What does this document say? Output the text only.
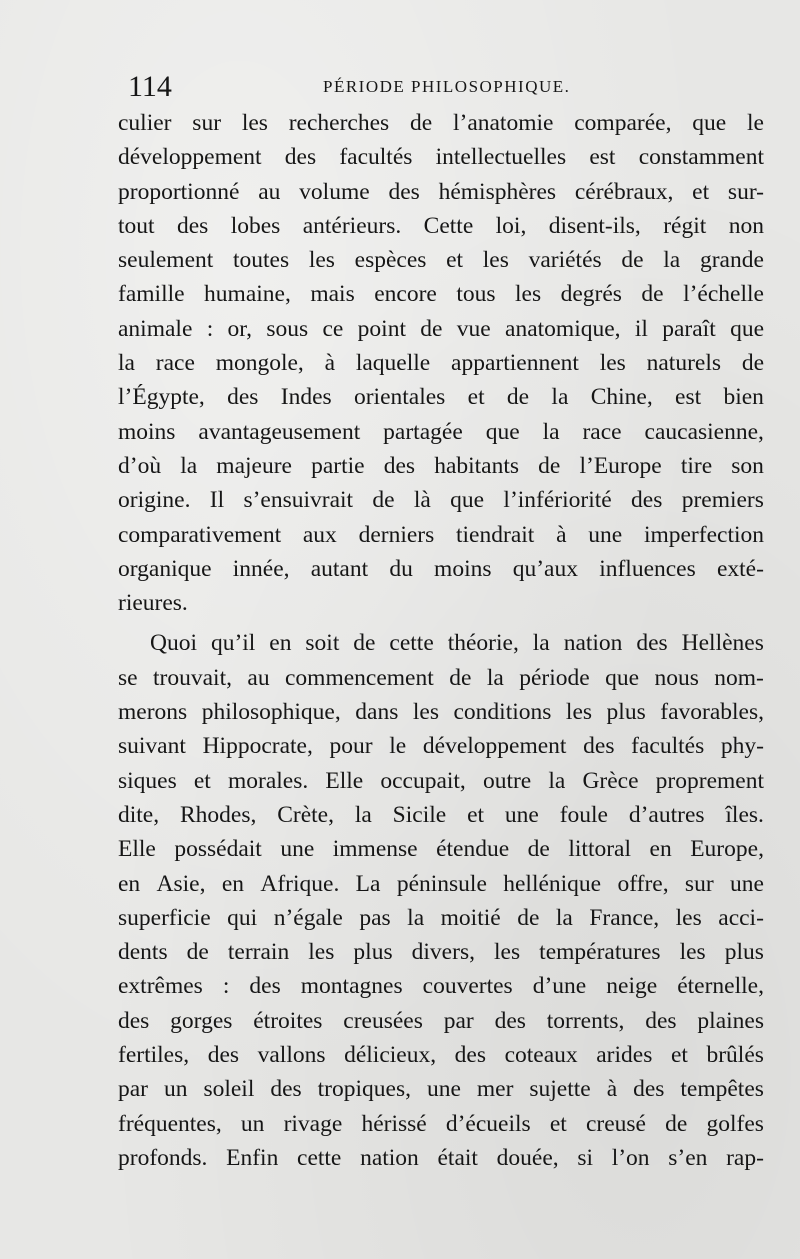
114	PÉRIODE PHILOSOPHIQUE.
culier sur les recherches de l’anatomie comparée, que le
développement des facultés intellectuelles est constamment
proportionné au volume des hémisphères cérébraux, et sur-
tout des lobes antérieurs. Cette loi, disent-ils, régit non
seulement toutes les espèces et les variétés de la grande
famille humaine, mais encore tous les degrés de l’échelle
animale : or, sous ce point de vue anatomique, il paraît que
la race mongole, à laquelle appartiennent les naturels de
l’Égypte, des Indes orientales et de la Chine, est bien
moins avantageusement partagée que la race caucasienne,
d’où la majeure partie des habitants de l’Europe tire son
origine. Il s’ensuivrait de là que l’infériorité des premiers
comparativement aux derniers tiendrait à une imperfection
organique innée, autant du moins qu’aux influences exté-
rieures.
Quoi qu’il en soit de cette théorie, la nation des Hellènes
se trouvait, au commencement de la période que nous nom-
merons philosophique, dans les conditions les plus favorables,
suivant Hippocrate, pour le développement des facultés phy-
siques et morales. Elle occupait, outre la Grèce proprement
dite, Rhodes, Crète, la Sicile et une foule d’autres îles.
Elle possédait une immense étendue de littoral en Europe,
en Asie, en Afrique. La péninsule hellénique offre, sur une
superficie qui n’égale pas la moitié de la France, les acci-
dents de terrain les plus divers, les températures les plus
extrêmes : des montagnes couvertes d’une neige éternelle,
des gorges étroites creusées par des torrents, des plaines
fertiles, des vallons délicieux, des coteaux arides et brûlés
par un soleil des tropiques, une mer sujette à des tempêtes
fréquentes, un rivage hérissé d’écueils et creusé de golfes
profonds. Enfin cette nation était douée, si l’on s’en rap-
